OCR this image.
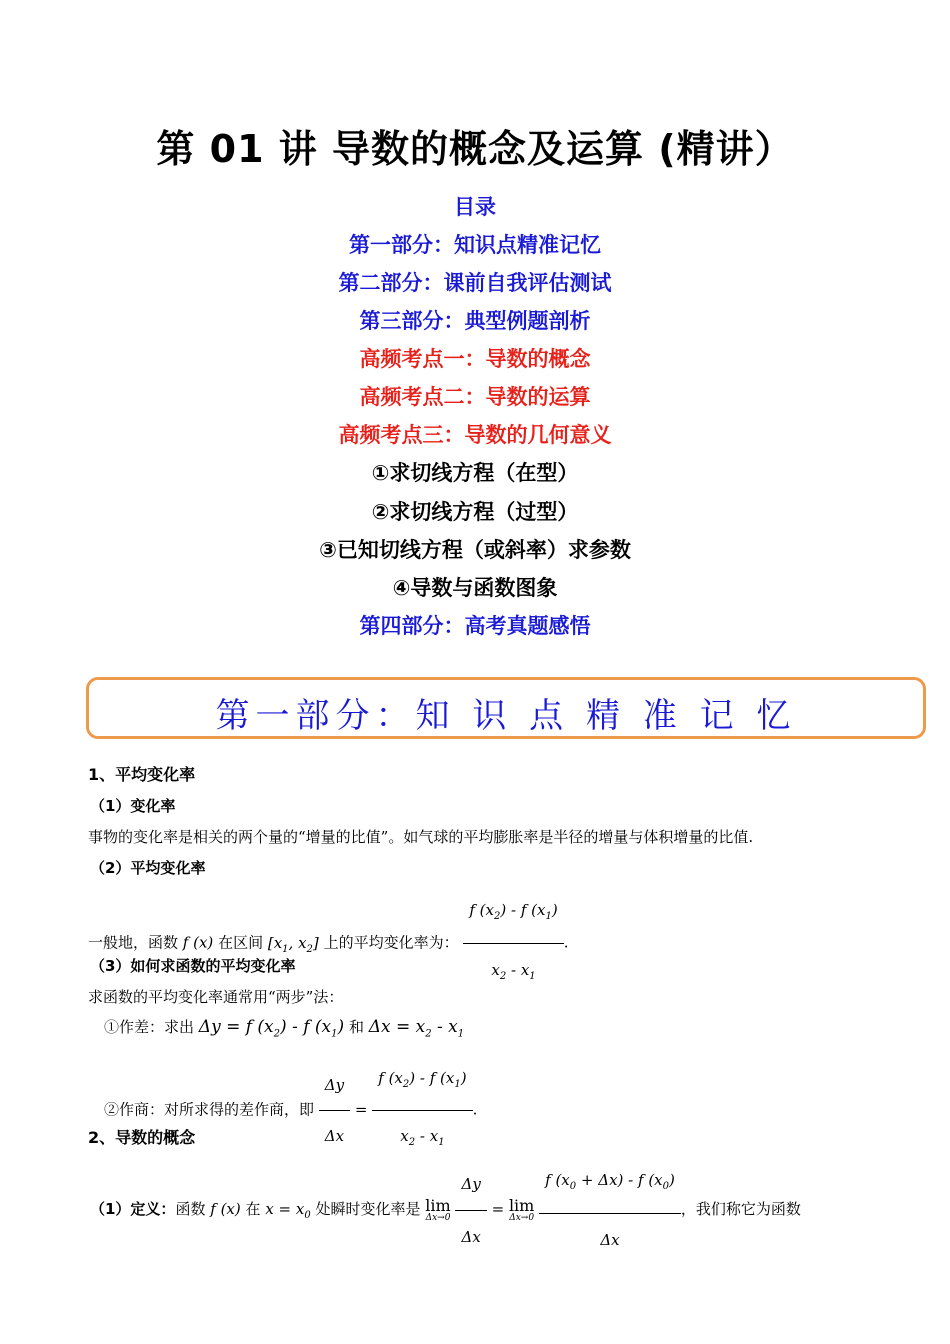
第 01 讲 导数的概念及运算 (精讲）
目录
第一部分：知识点精准记忆
第二部分：课前自我评估测试
第三部分：典型例题剖析
高频考点一：导数的概念
高频考点二：导数的运算
高频考点三：导数的几何意义
①求切线方程（在型）
②求切线方程（过型）
③已知切线方程（或斜率）求参数
④导数与函数图象
第四部分：高考真题感悟
第一部分：知 识 点 精 准 记 忆
1、平均变化率
（1）变化率
事物的变化率是相关的两个量的“增量的比值”。如气球的平均膨胀率是半径的增量与体积增量的比值.
（2）平均变化率
一般地，函数 f (x) 在区间 [$x_1$, $x_2$] 上的平均变化率为： $\frac{f (x_2) - f (x_1)}{x_2 - x_1}$ .
（3）如何求函数的平均变化率
求函数的平均变化率通常用“两步”法：
①作差：求出 Δy = f $(x_2)$ - f $(x_1)$ 和 $\Delta x = x_2 - x_1$
②作商：对所求得的差作商，即 $\frac{\Delta y}{\Delta x} = \frac{f (x_2) - f (x_1)}{x_2 - x_1}$ .
2、导数的概念
（1）定义：函数 f (x) 在 $x = x_0$ 处瞬时变化率是 lim
Δx→0
$\frac{\Delta y}{\Delta x} = \lim$
Δx→0
$\frac{f (x_0 + \Delta x) - f (x_0)}{\Delta x}$ ，我们称它为函数
